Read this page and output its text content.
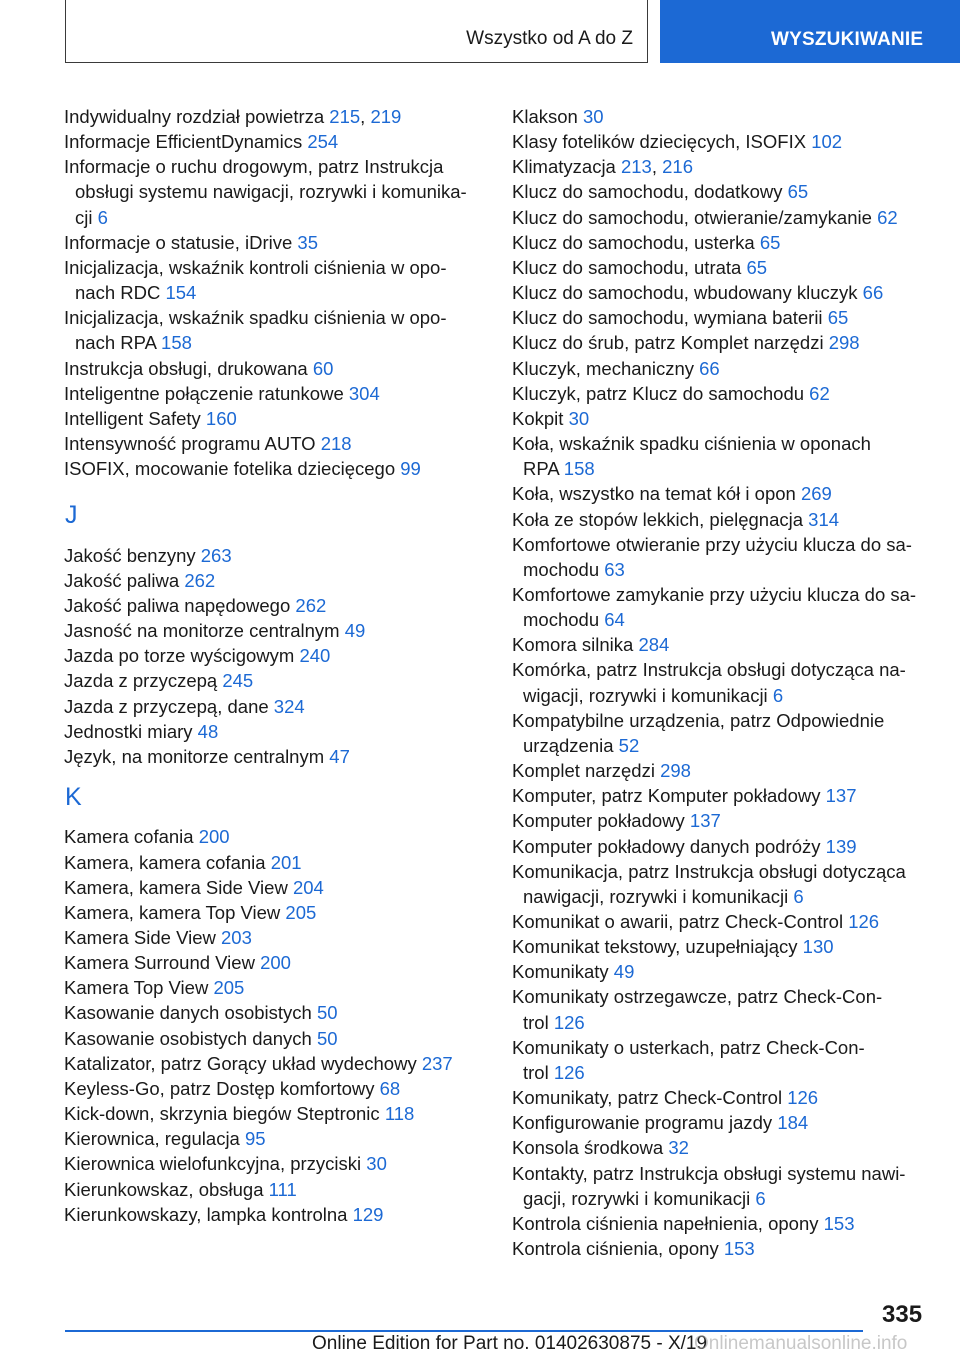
Wszystko od A do Z	WYSZUKIWANIE
Indywidualny rozdział powietrza 215, 219
Informacje EfficientDynamics 254
Informacje o ruchu drogowym, patrz Instrukcja
obsługi systemu nawigacji, rozrywki i komunika-
cji 6
Informacje o statusie, iDrive 35
Inicjalizacja, wskaźnik kontroli ciśnienia w opo-
nach RDC 154
Inicjalizacja, wskaźnik spadku ciśnienia w opo-
nach RPA 158
Instrukcja obsługi, drukowana 60
Inteligentne połączenie ratunkowe 304
Intelligent Safety 160
Intensywność programu AUTO 218
ISOFIX, mocowanie fotelika dziecięcego 99
J
Jakość benzyny 263
Jakość paliwa 262
Jakość paliwa napędowego 262
Jasność na monitorze centralnym 49
Jazda po torze wyścigowym 240
Jazda z przyczepą 245
Jazda z przyczepą, dane 324
Jednostki miary 48
Język, na monitorze centralnym 47
K
Kamera cofania 200
Kamera, kamera cofania 201
Kamera, kamera Side View 204
Kamera, kamera Top View 205
Kamera Side View 203
Kamera Surround View 200
Kamera Top View 205
Kasowanie danych osobistych 50
Kasowanie osobistych danych 50
Katalizator, patrz Gorący układ wydechowy 237
Keyless-Go, patrz Dostęp komfortowy 68
Kick-down, skrzynia biegów Steptronic 118
Kierownica, regulacja 95
Kierownica wielofunkcyjna, przyciski 30
Kierunkowskaz, obsługa 111
Kierunkowskazy, lampka kontrolna 129
Klakson 30
Klasy fotelików dziecięcych, ISOFIX 102
Klimatyzacja 213, 216
Klucz do samochodu, dodatkowy 65
Klucz do samochodu, otwieranie/zamykanie 62
Klucz do samochodu, usterka 65
Klucz do samochodu, utrata 65
Klucz do samochodu, wbudowany kluczyk 66
Klucz do samochodu, wymiana baterii 65
Klucz do śrub, patrz Komplet narzędzi 298
Kluczyk, mechaniczny 66
Kluczyk, patrz Klucz do samochodu 62
Kokpit 30
Koła, wskaźnik spadku ciśnienia w oponach
RPA 158
Koła, wszystko na temat kół i opon 269
Koła ze stopów lekkich, pielęgnacja 314
Komfortowe otwieranie przy użyciu klucza do sa-
mochodu 63
Komfortowe zamykanie przy użyciu klucza do sa-
mochodu 64
Komora silnika 284
Komórka, patrz Instrukcja obsługi dotycząca na-
wigacji, rozrywki i komunikacji 6
Kompatybilne urządzenia, patrz Odpowiednie
urządzenia 52
Komplet narzędzi 298
Komputer, patrz Komputer pokładowy 137
Komputer pokładowy 137
Komputer pokładowy danych podróży 139
Komunikacja, patrz Instrukcja obsługi dotycząca
nawigacji, rozrywki i komunikacji 6
Komunikat o awarii, patrz Check-Control 126
Komunikat tekstowy, uzupełniający 130
Komunikaty 49
Komunikaty ostrzegawcze, patrz Check-Con-
trol 126
Komunikaty o usterkach, patrz Check-Con-
trol 126
Komunikaty, patrz Check-Control 126
Konfigurowanie programu jazdy 184
Konsola środkowa 32
Kontakty, patrz Instrukcja obsługi systemu nawi-
gacji, rozrywki i komunikacji 6
Kontrola ciśnienia napełnienia, opony 153
Kontrola ciśnienia, opony 153
335
Online Edition for Part no. 01402630875 - X/19
Onlinemanualsonline.info
